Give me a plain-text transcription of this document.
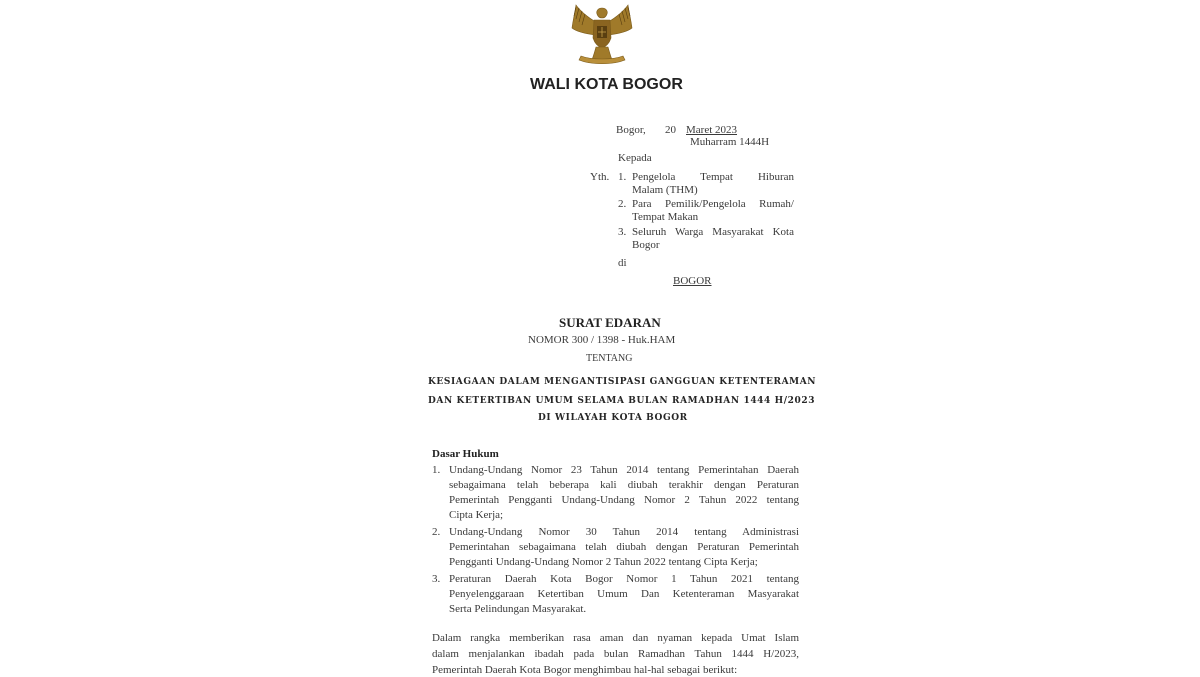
WALI KOTA BOGOR
Bogor, 20 Maret 2023
Muharram 1444H
Kepada
Yth. 1. Pengelola Tempat Hiburan
Malam (THM)
2. Para Pemilik/Pengelola Rumah/
Tempat Makan
3. Seluruh Warga Masyarakat Kota
Bogor
di
BOGOR
SURAT EDARAN
NOMOR 300 / 1398 - Huk.HAM
TENTANG
KESIAGAAN DALAM MENGANTISIPASI GANGGUAN KETENTERAMAN
DAN KETERTIBAN UMUM SELAMA BULAN RAMADHAN 1444 H/2023
DI WILAYAH KOTA BOGOR
Dasar Hukum
1. Undang-Undang Nomor 23 Tahun 2014 tentang Pemerintahan Daerah
sebagaimana telah beberapa kali diubah terakhir dengan Peraturan
Pemerintah Pengganti Undang-Undang Nomor 2 Tahun 2022 tentang
Cipta Kerja;
2. Undang-Undang Nomor 30 Tahun 2014 tentang Administrasi
Pemerintahan sebagaimana telah diubah dengan Peraturan Pemerintah
Pengganti Undang-Undang Nomor 2 Tahun 2022 tentang Cipta Kerja;
3. Peraturan Daerah Kota Bogor Nomor 1 Tahun 2021 tentang
Penyelenggaraan Ketertiban Umum Dan Ketenteraman Masyarakat
Serta Pelindungan Masyarakat.
Dalam rangka memberikan rasa aman dan nyaman kepada Umat Islam
dalam menjalankan ibadah pada bulan Ramadhan Tahun 1444 H/2023,
Pemerintah Daerah Kota Bogor menghimbau hal-hal sebagai berikut:
